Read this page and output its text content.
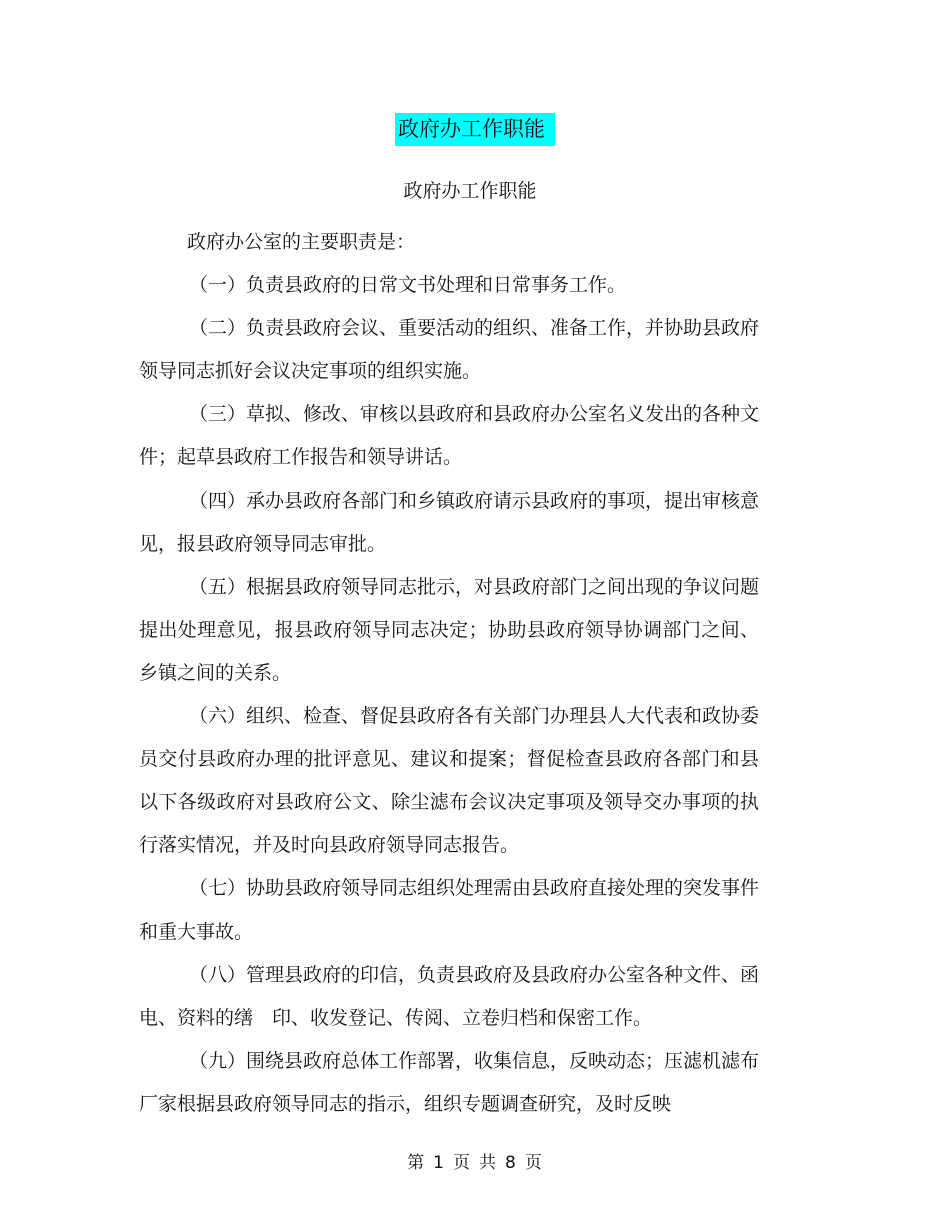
政府办工作职能
政府办工作职能

政府办公室的主要职责是：

（一）负责县政府的日常文书处理和日常事务工作。

（二）负责县政府会议、重要活动的组织、准备工作，并协助县政府领导同志抓好会议决定事项的组织实施。

（三）草拟、修改、审核以县政府和县政府办公室名义发出的各种文件；起草县政府工作报告和领导讲话。

（四）承办县政府各部门和乡镇政府请示县政府的事项，提出审核意见，报县政府领导同志审批。

（五）根据县政府领导同志批示，对县政府部门之间出现的争议问题提出处理意见，报县政府领导同志决定；协助县政府领导协调部门之间、乡镇之间的关系。

（六）组织、检查、督促县政府各有关部门办理县人大代表和政协委员交付县政府办理的批评意见、建议和提案；督促检查县政府各部门和县以下各级政府对县政府公文、除尘滤布会议决定事项及领导交办事项的执行落实情况，并及时向县政府领导同志报告。

（七）协助县政府领导同志组织处理需由县政府直接处理的突发事件和重大事故。

（八）管理县政府的印信，负责县政府及县政府办公室各种文件、函电、资料的缮　印、收发登记、传阅、立卷归档和保密工作。

（九）围绕县政府总体工作部署，收集信息，反映动态；压滤机滤布厂家根据县政府领导同志的指示，组织专题调查研究，及时反映

第 1 页 共 8 页
